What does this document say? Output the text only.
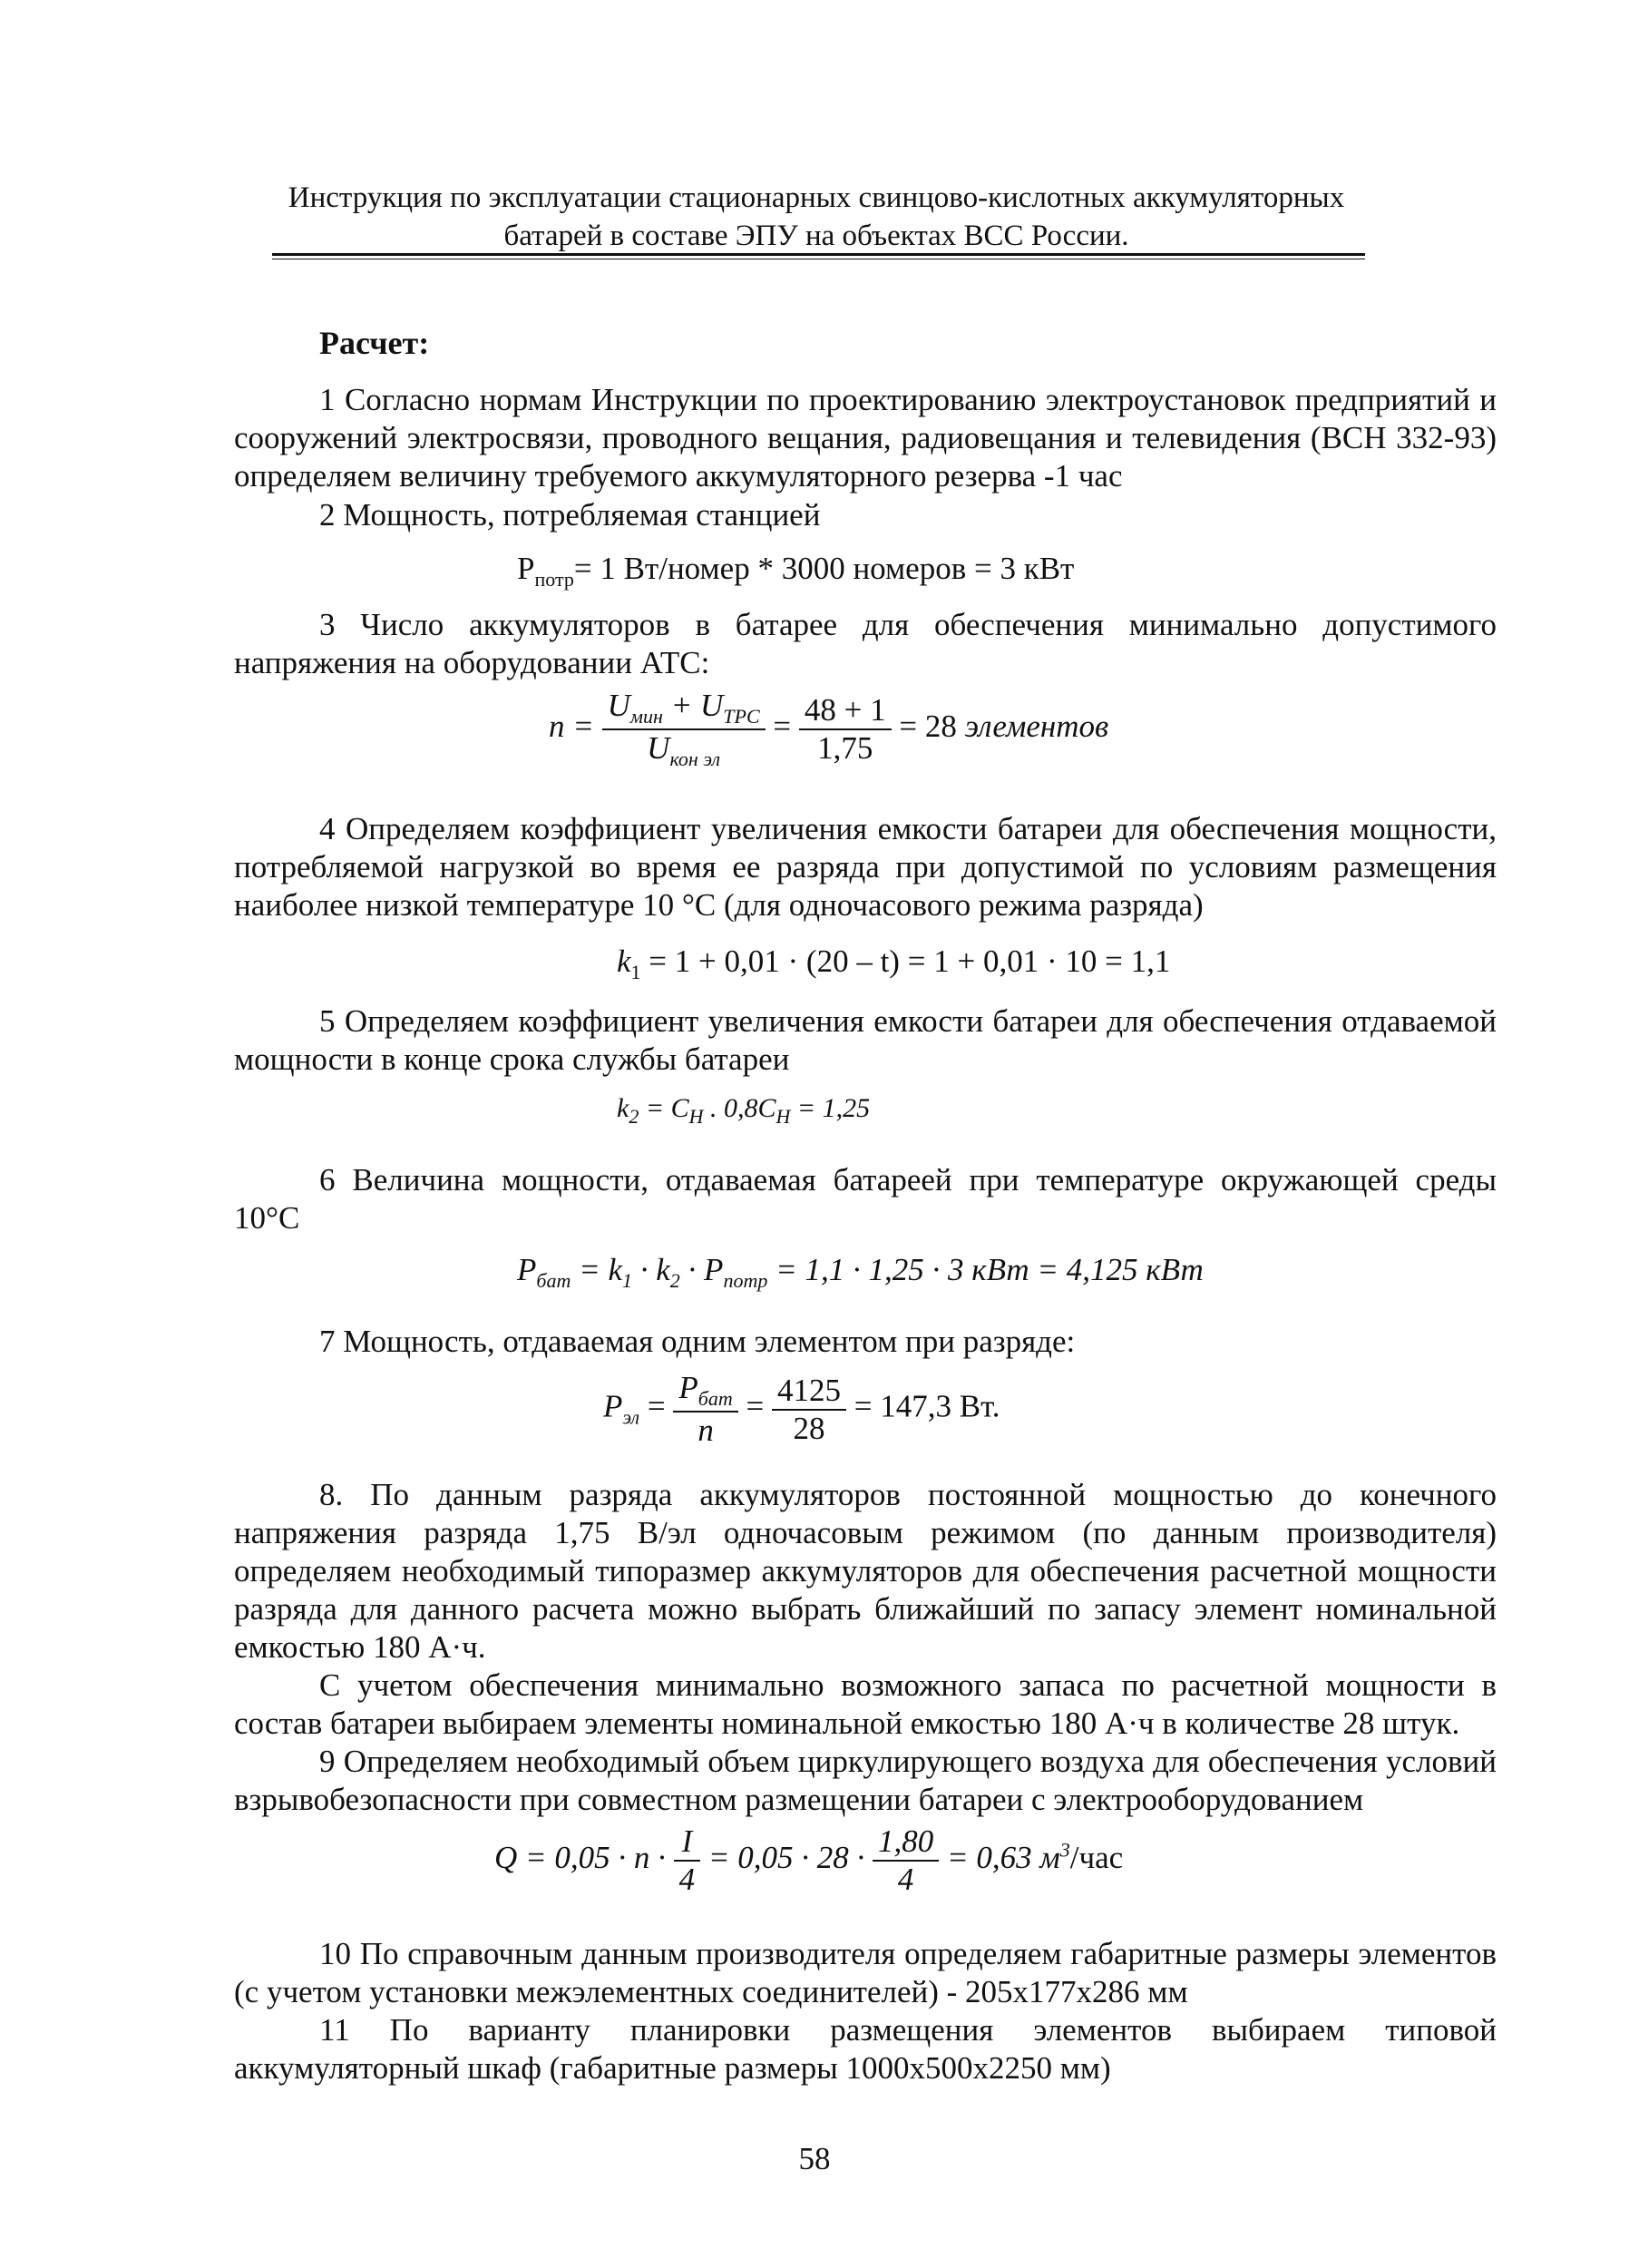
Инструкция по эксплуатации стационарных свинцово-кислотных аккумуляторных
батарей в составе ЭПУ на объектах ВСС России.
Расчет:
1 Согласно нормам Инструкции по проектированию электроустановок предприятий и сооружений электросвязи, проводного вещания, радиовещания и телевидения (ВСН 332-93) определяем величину требуемого аккумуляторного резерва -1 час
2 Мощность, потребляемая станцией
$P_{потр}= 1$ Вт/номер * 3000 номеров = 3 кВт
3 Число аккумуляторов в батарее для обеспечения минимально допустимого напряжения на оборудовании АТС:
$n = \frac{U_{мин} + U_{ТРС}}{U_{кон эл}} = \frac{48 + 1}{1,75} = 28$ элементов
4 Определяем коэффициент увеличения емкости батареи для обеспечения мощности, потребляемой нагрузкой во время ее разряда при допустимой по условиям размещения наиболее низкой температуре 10 °С (для одночасового режима разряда)
$k_1 = 1 + 0,01 \cdot (20 - t) = 1 + 0,01 \cdot 10 = 1,1$
5 Определяем коэффициент увеличения емкости батареи для обеспечения отдаваемой мощности в конце срока службы батареи
$k_2 = C_Н$ . $0,8C_Н = 1,25$
6 Величина мощности, отдаваемая батареей при температуре окружающей среды
10°С
$P_{бат} = k_1 \cdot k_2 \cdot P_{потр} = 1,1 \cdot 1,25 \cdot 3$ кВт = 4,125 кВт
7 Мощность, отдаваемая одним элементом при разряде:
$P_{эл} = \frac{P_{бат}}{n} = \frac{4125}{28} = 147,3$ Вт.
8. По данным разряда аккумуляторов постоянной мощностью до конечного напряжения разряда 1,75 В/эл одночасовым режимом (по данным производителя) определяем необходимый типоразмер аккумуляторов для обеспечения расчетной мощности разряда для данного расчета можно выбрать ближайший по запасу элемент номинальной емкостью 180 А·ч.
С учетом обеспечения минимально возможного запаса по расчетной мощности в состав батареи выбираем элементы номинальной емкостью 180 А·ч в количестве 28 штук.
9 Определяем необходимый объем циркулирующего воздуха для обеспечения условий взрывобезопасности при совместном размещении батареи с электрооборудованием
$Q = 0,05 \cdot n \cdot \frac{I}{4} = 0,05 \cdot 28 \cdot \frac{1,80}{4} = 0,63$ $м^3$/час
10 По справочным данным производителя определяем габаритные размеры элементов (с учетом установки межэлементных соединителей) - 205х177х286 мм
11 По варианту планировки размещения элементов выбираем типовой аккумуляторный шкаф (габаритные размеры 1000х500х2250 мм)
58
